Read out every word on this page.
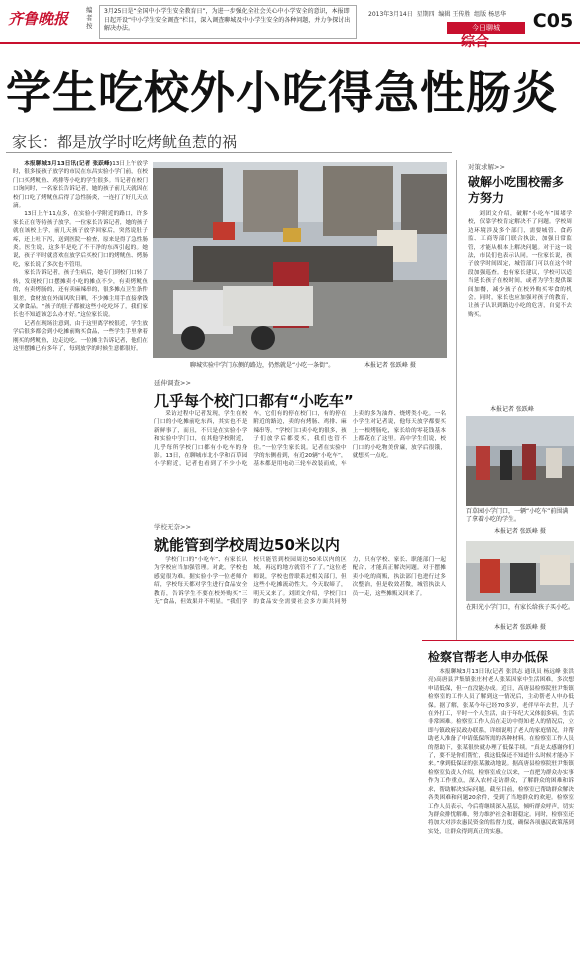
齐鲁晚报	编者按
3月25日是“全国中小学生安全教育日”，为进一步强化全社会关心中小学安全的意识，本报即日起开设“中小学生安全调查”栏目，深入调查聊城及中小学生安全的各种问题，并力争探讨出解决办法。
2013年3月14日 星期四 编辑 王传胜 组版 杨思华
今日聊城
综合
C05
学生吃校外小吃得急性肠炎
家长：都是放学时吃烤鱿鱼惹的祸
本报聊城3月13日讯(记者 张跃峰)13日上午放学时，很多接孩子放学的市民在东昌实验小学门前，在校门口买烤鱿鱼、鸡排等小吃的学生很多。当记者在校门口询问时，一名家长告诉记者，她的孩子前几天就因在校门口吃了烤鱿鱼后得了急性肠炎，一连打了好几天点滴。
13日上午11点多，在实验小学附近的路口，许多家长正在等待孩子放学。一位家长告诉记者，她的孩子就在该校上学，前几天孩子放学回家后，突然说肚子疼，还上吐下泻，送到医院一检查，原来是得了急性肠炎。医生说，这多半是吃了不干净的东西引起的。她说，孩子平时就喜欢在放学后买校门口的烤鱿鱼、烤肠吃，家长说了多次也不管用。
家长告诉记者，孩子生病后，她专门到校门口转了转，发现校门口摆摊卖小吃的摊点不少，有卖烤鱿鱼的，有卖烤肠的，还有卖麻辣串的，很多摊点卫生条件很差，食材放在外面风吹日晒，不少摊主用手直接拿钱又拿食品。“孩子的肚子都被这些小吃吃坏了，我们家长也不知道该怎么办才好。”这位家长说。
记者在现场注意到，由于这里离学校很近，学生放学后很多都会到小吃摊前购买食品，一些学生手里拿着刚买的烤鱿鱼，边走边吃。一位摊主告诉记者，他们在这里摆摊已有多年了，每到放学的时候生意都很好。
聊城实验中学门东侧的路边，仍然就是“小吃一条街”。	本报记者 张跃峰 摄
延伸调查>>
几乎每个校门口都有“小吃车”
采访过程中记者发现，学生在校门口的小吃摊前吃东西，其实也不是新鲜事了，而且，不只是在实验小学和实验中学门口，在其他学校附近，几乎每所学校门口都有小吃车的身影。13日，在聊城市北小学和百草园小学附近，记者也看到了不少小吃车，它们有的停在校门口，有的停在附近的路边，卖的有烤肠、鸡排、麻辣串等。“学校门口卖小吃的很多，孩子们放学后都爱买，我们也管不住。”一位学生家长说。记者在实验中学的东侧看到，有近20辆“小吃车”，基本都是用电动三轮车改装而成，车上卖的多为油炸、烧烤类小吃。一名小学生对记者说，他每天放学都要买上一根烤肠吃，家长给的零花钱基本上都花在了这里。高中学生们说，校门口的小吃物美价廉，放学后很饿，就想买一点吃。
学校无奈>>
就能管到学校周边50米以内
学校门口的“小吃车”、有家长认为学校应当加强管理。对此，学校也感觉很为难。据实验小学一位老师介绍，学校每天都对学生进行食品安全教育，告诉学生不要在校外购买“三无”食品，但效果并不明显。“我们学校只能管到校园周边50米以内的区域，再远的地方就管不了了。”这位老师说，学校也曾联系过相关部门，但这些小吃摊流动性大，今天取缔了，明天又来了。刘团文介绍，学校门口的食品安全需要社会多方面共同努力，只有学校、家长、职能部门一起配合，才能真正解决问题。对于摆摊卖小吃的商贩，执法部门也进行过多次整治，但是收效甚微，城管执法人员一走，这些摊贩又回来了。
对策求解>>
破解小吃围校需多方努力
刘团文介绍，破解“小吃车”围堵学校，仅靠学校肯定解决不了问题。学校周边环境涉及多个部门，需要城管、食药监、工商等部门联合执法，加强日常监管，才能从根本上解决问题。对于这一说法，市民们也表示认同。一位家长说，孩子放学时间固定，城管部门可以在这个时段加强巡查。也有家长建议，学校可以适当延长孩子在校时间，或者为学生提供课间加餐，减少孩子在校外购买零食的机会。同时，家长也应加强对孩子的教育，让孩子认识到路边小吃的危害，自觉不去购买。
本报记者 张跃峰
百草园小学门口，一辆“小吃车”前围满了拿着小吃的学生。
本报记者 张跃峰 摄
在阳光小学门口，有家长给孩子买小吃。
本报记者 张跃峰 摄
检察官帮老人申办低保
本报聊城3月13日讯(记者 张洪志 通讯员 杨远峰 张洪亮)高唐县尹集镇张庄村老人张某因家中生活困难，多次想申请低保，但一直没能办成。近日，高唐县检察院驻尹集镇检察室的工作人员了解到这一情况后，主动帮老人申办低保。据了解，张某今年已经70多岁，老伴早年去世，儿子在外打工，平时一个人生活，由于年纪大又体弱多病，生活非常困难。检察室工作人员在走访中得知老人的情况后，立即与镇政府民政办联系，详细说明了老人的家庭情况，并帮助老人准备了申请低保所需的各种材料。在检察室工作人员的帮助下，张某很快就办理了低保手续。“真是太感谢你们了，要不是你们帮忙，我这低保还不知道什么时候才能办下来。”拿到低保证的张某激动地说。据高唐县检察院驻尹集镇检察室负责人介绍，检察室成立以来，一直把为群众办实事作为工作重点，深入农村走访群众，了解群众的困难和诉求，帮助解决实际问题。截至目前，检察室已帮助群众解决各类困难和问题20余件，受到了当地群众的欢迎。检察室工作人员表示，今后将继续深入基层，倾听群众呼声，切实为群众排忧解难，努力维护社会和谐稳定。同时，检察室还将加大对涉农惠民资金的监督力度，确保各项惠民政策落到实处，让群众得到真正的实惠。
